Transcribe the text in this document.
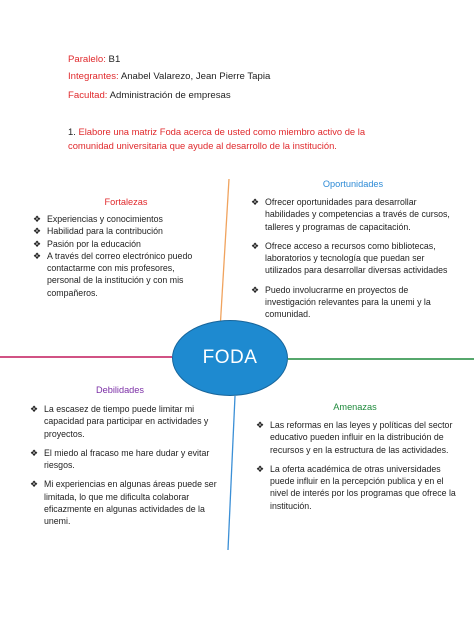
Paralelo: B1
Integrantes: Anabel Valarezo, Jean Pierre Tapia
Facultad: Administración de empresas
1. Elabore una matriz Foda acerca de usted como miembro activo de la comunidad universitaria que ayude al desarrollo de la institución.
FODA
Fortalezas
❖ Experiencias y conocimientos
❖ Habilidad para la contribución
❖ Pasión por la educación
❖ A través del correo electrónico puedo contactarme con mis profesores, personal de la institución y con mis compañeros.
Oportunidades
❖ Ofrecer oportunidades para desarrollar habilidades y competencias a través de cursos, talleres y programas de capacitación.
❖ Ofrece acceso a recursos como bibliotecas, laboratorios y tecnología que puedan ser utilizados para desarrollar diversas actividades
❖ Puedo involucrarme en proyectos de investigación relevantes para la unemi y la comunidad.
Debilidades
❖ La escasez de tiempo puede limitar mi capacidad para participar en actividades y proyectos.
❖ El miedo al fracaso me hare dudar y evitar riesgos.
❖ Mi experiencias en algunas áreas puede ser limitada, lo que me dificulta colaborar eficazmente en algunas actividades de la unemi.
Amenazas
❖ Las reformas en las leyes y políticas del sector educativo pueden influir en la distribución de recursos y en la estructura de las actividades.
❖ La oferta académica de otras universidades puede influir en la percepción publica y en el nivel de interés por los programas que ofrece la institución.
